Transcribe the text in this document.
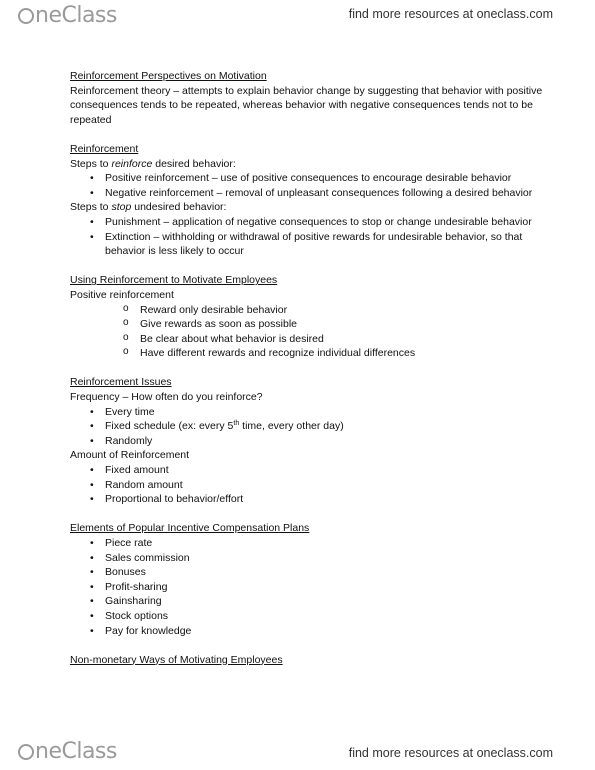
neClass	find more resources at oneclass.com

Reinforcement Perspectives on Motivation

Reinforcement theory – attempts to explain behavior change by suggesting that behavior with positive consequences tends to be repeated, whereas behavior with negative consequences tends not to be repeated

Reinforcement

Steps to reinforce desired behavior:

• Positive reinforcement – use of positive consequences to encourage desirable behavior
• Negative reinforcement – removal of unpleasant consequences following a desired behavior

Steps to stop undesired behavior:

• Punishment – application of negative consequences to stop or change undesirable behavior
• Extinction – withholding or withdrawal of positive rewards for undesirable behavior, so that behavior is less likely to occur

Using Reinforcement to Motivate Employees

Positive reinforcement

o Reward only desirable behavior
o Give rewards as soon as possible
o Be clear about what behavior is desired
o Have different rewards and recognize individual differences

Reinforcement Issues

Frequency – How often do you reinforce?

• Every time
• Fixed schedule (ex: every 5th time, every other day)
• Randomly

Amount of Reinforcement

• Fixed amount
• Random amount
• Proportional to behavior/effort

Elements of Popular Incentive Compensation Plans

• Piece rate
• Sales commission
• Bonuses
• Profit-sharing
• Gainsharing
• Stock options
• Pay for knowledge

Non-monetary Ways of Motivating Employees

neClass	find more resources at oneclass.com
